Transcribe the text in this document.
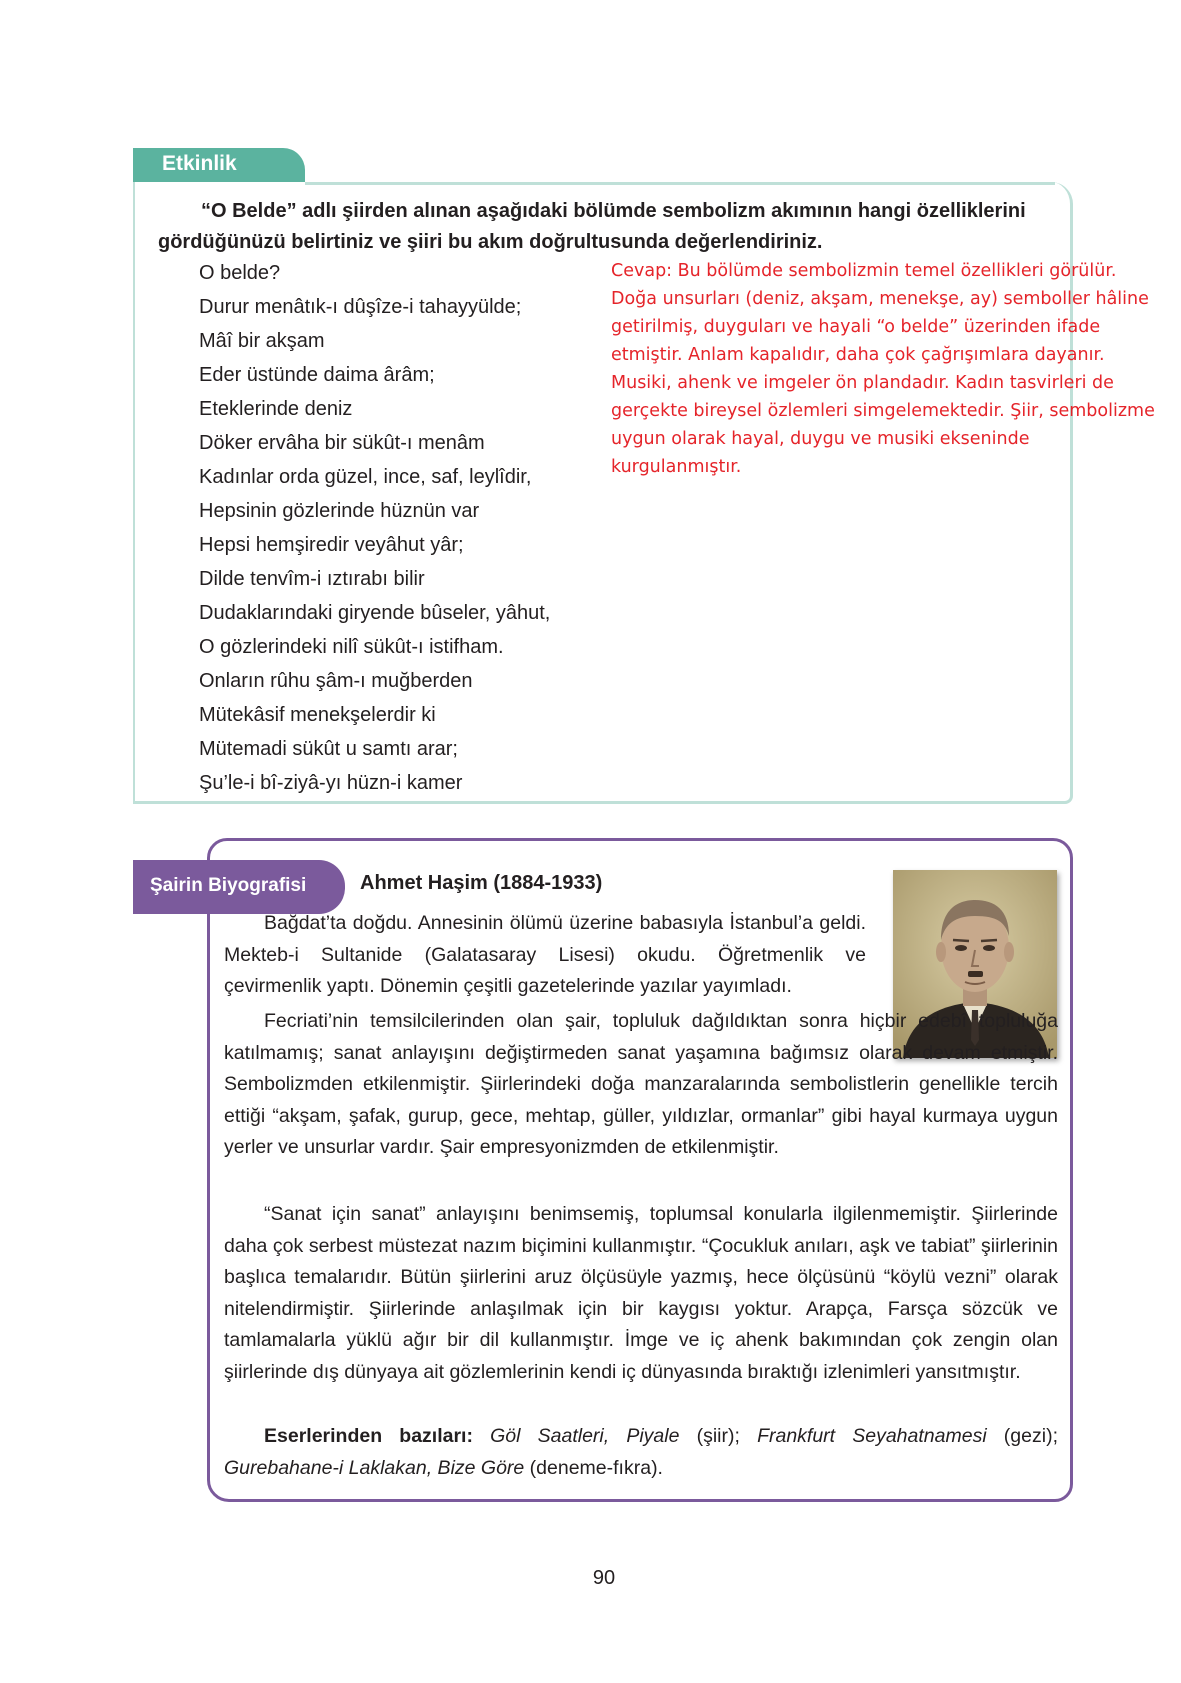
Etkinlik
“O Belde” adlı şiirden alınan aşağıdaki bölümde sembolizm akımının hangi özelliklerini gördüğünüzü belirtiniz ve şiiri bu akım doğrultusunda değerlendiriniz.
O belde?
Durur menâtık-ı dûşîze-i tahayyülde;
Mâî bir akşam
Eder üstünde daima ârâm;
Eteklerinde deniz
Döker ervâha bir sükût-ı menâm
Kadınlar orda güzel, ince, saf, leylîdir,
Hepsinin gözlerinde hüznün var
Hepsi hemşiredir veyâhut yâr;
Dilde tenvîm-i ıztırabı bilir
Dudaklarındaki giryende bûseler, yâhut,
O gözlerindeki nilî sükût-ı istifham.
Onların rûhu şâm-ı muğberden
Mütekâsif menekşelerdir ki
Mütemadi sükût u samtı arar;
Şu’le-i bî-ziyâ-yı hüzn-i kamer
Cevap: Bu bölümde sembolizmin temel özellikleri görülür.
Doğa unsurları (deniz, akşam, menekşe, ay) semboller hâline
getirilmiş, duyguları ve hayali “o belde” üzerinden ifade
etmiştir. Anlam kapalıdır, daha çok çağrışımlara dayanır.
Musiki, ahenk ve imgeler ön plandadır. Kadın tasvirleri de
gerçekte bireysel özlemleri simgelemektedir. Şiir, sembolizme
uygun olarak hayal, duygu ve musiki ekseninde
kurgulanmıştır.
Şairin Biyografisi	Ahmet Haşim (1884-1933)

Bağdat’ta doğdu. Annesinin ölümü üzerine babasıyla İstanbul’a geldi. Mekteb-i Sultanide (Galatasaray Lisesi) okudu. Öğretmenlik ve çevirmenlik yaptı. Dönemin çeşitli gazetelerinde yazılar yayımladı.

Fecriati’nin temsilcilerinden olan şair, topluluk dağıldıktan sonra hiçbir edebî topluluğa katılmamış; sanat anlayışını değiştirmeden sanat yaşamına bağımsız olarak devam etmiştir. Sembolizmden etkilenmiştir. Şiirlerindeki doğa manzaralarında sembolistlerin genellikle tercih ettiği “akşam, şafak, gurup, gece, mehtap, güller, yıldızlar, ormanlar” gibi hayal kurmaya uygun yerler ve unsurlar vardır. Şair empresyonizmden de etkilenmiştir.

“Sanat için sanat” anlayışını benimsemiş, toplumsal konularla ilgilenmemiştir. Şiirlerinde daha çok serbest müstezat nazım biçimini kullanmıştır. “Çocukluk anıları, aşk ve tabiat” şiirlerinin başlıca temalarıdır. Bütün şiirlerini aruz ölçüsüyle yazmış, hece ölçüsünü “köylü vezni” olarak nitelendirmiştir. Şiirlerinde anlaşılmak için bir kaygısı yoktur. Arapça, Farsça sözcük ve tamlamalarla yüklü ağır bir dil kullanmıştır. İmge ve iç ahenk bakımından çok zengin olan şiirlerinde dış dünyaya ait gözlemlerinin kendi iç dünyasında bıraktığı izlenimleri yansıtmıştır.

Eserlerinden bazıları: Göl Saatleri, Piyale (şiir); Frankfurt Seyahatnamesi (gezi); Gurebahane-i Laklakan, Bize Göre (deneme-fıkra).

90
